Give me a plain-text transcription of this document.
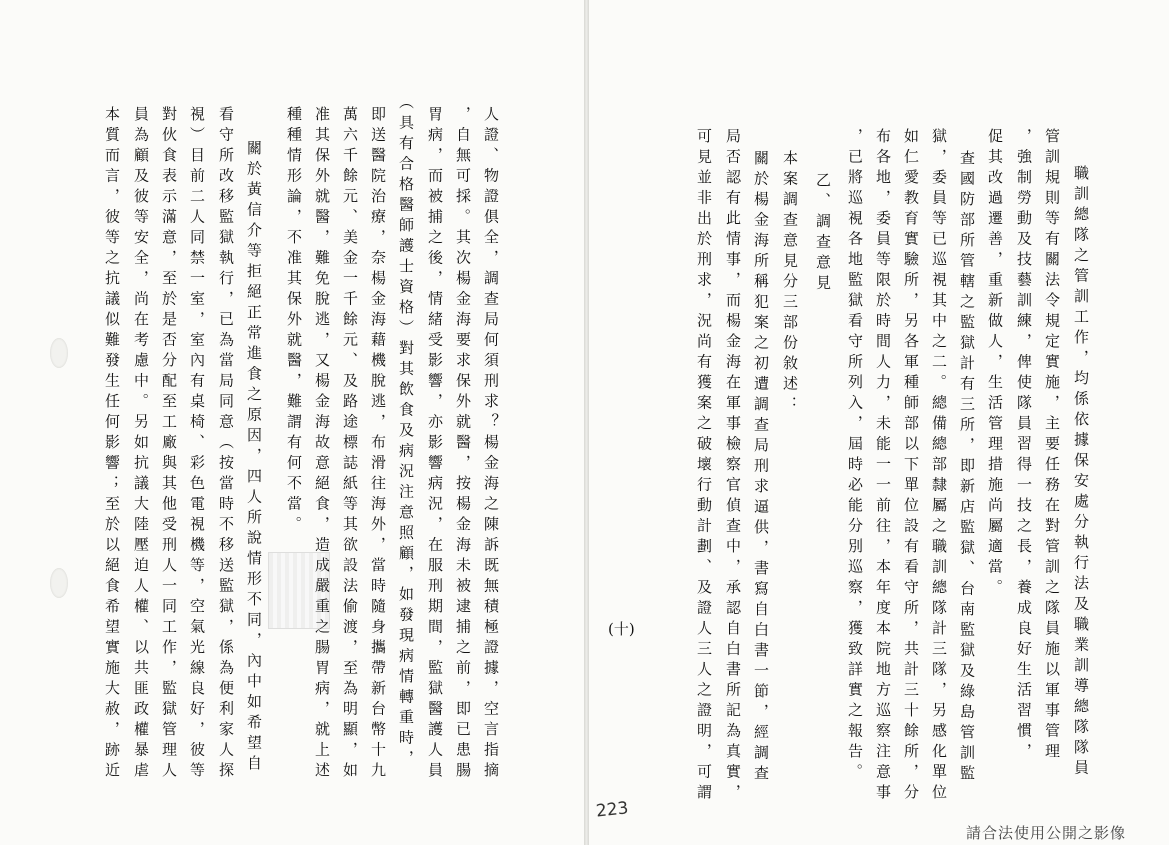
人證、物證俱全，調查局何須刑求？楊金海之陳訴既無積極證據，空言指摘
，自無可採。其次楊金海要求保外就醫，按楊金海未被逮捕之前，即已患腸
胃病，而被捕之後，情緒受影響，亦影響病況，在服刑期間，監獄醫護人員
（具有合格醫師護士資格）對其飲食及病況注意照顧，如發現病情轉重時，
即送醫院治療，奈楊金海藉機脫逃，布滑往海外，當時隨身攜帶新台幣十九
萬六千餘元、美金一千餘元、及路途標誌紙等其欲設法偷渡，至為明顯，如
准其保外就醫，難免脫逃，又楊金海故意絕食，造成嚴重之腸胃病，就上述
種種情形論，不准其保外就醫，難謂有何不當。
關於黃信介等拒絕正常進食之原因，四人所說情形不同，內中如希望自
看守所改移監獄執行，已為當局同意（按當時不移送監獄，係為便利家人探
視）目前二人同禁一室，室內有桌椅、彩色電視機等，空氣光線良好，彼等
對伙食表示滿意，至於是否分配至工廠與其他受刑人一同工作，監獄管理人
員為顧及彼等安全，尚在考慮中。另如抗議大陸壓迫人權、以共匪政權暴虐
本質而言，彼等之抗議似難發生任何影響；至於以絕食希望實施大赦，跡近	職訓總隊之管訓工作，均係依據保安處分執行法及職業訓導總隊隊員
管訓規則等有關法令規定實施，主要任務在對管訓之隊員施以軍事管理
，強制勞動及技藝訓練，俾使隊員習得一技之長，養成良好生活習慣，
促其改過遷善，重新做人，生活管理措施尚屬適當。
查國防部所管轄之監獄計有三所，即新店監獄、台南監獄及綠島管訓監
獄，委員等已巡視其中之二。總備總部隸屬之職訓總隊計三隊，另感化單位
如仁愛教育實驗所，另各軍種師部以下單位設有看守所，共計三十餘所，分
布各地，委員等限於時間人力，未能一一前往，本年度本院地方巡察注意事
，已將巡視各地監獄看守所列入，屆時必能分別巡察，獲致詳實之報告。
乙、調查意見
本案調查意見分三部份敘述：
關於楊金海所稱犯案之初遭調查局刑求逼供，書寫自白書一節，經調查
局否認有此情事，而楊金海在軍事檢察官偵查中，承認自白書所記為真實，
可見並非出於刑求，況尚有獲案之破壞行動計劃、及證人三人之證明，可謂
(十)
223
請合法使用公開之影像
